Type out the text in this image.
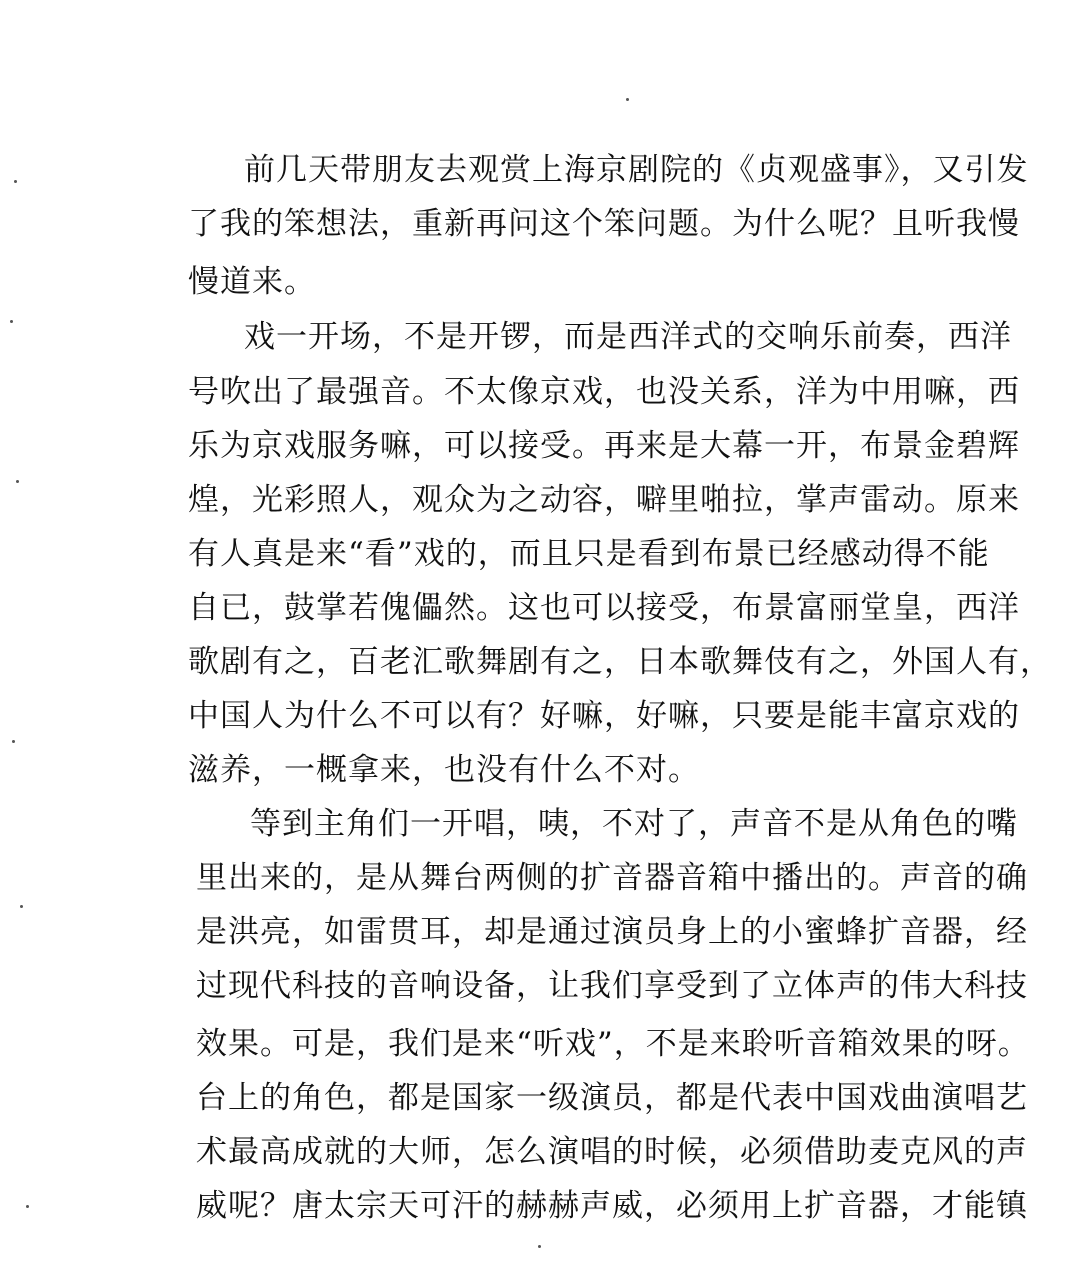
前几天带朋友去观赏上海京剧院的《贞观盛事》，又引发
了我的笨想法，重新再问这个笨问题。为什么呢？且听我慢
慢道来。
戏一开场，不是开锣，而是西洋式的交响乐前奏，西洋
号吹出了最强音。不太像京戏，也没关系，洋为中用嘛，西
乐为京戏服务嘛，可以接受。再来是大幕一开，布景金碧辉
煌，光彩照人，观众为之动容，噼里啪拉，掌声雷动。原来
有人真是来“看”戏的，而且只是看到布景已经感动得不能
自已，鼓掌若傀儡然。这也可以接受，布景富丽堂皇，西洋
歌剧有之，百老汇歌舞剧有之，日本歌舞伎有之，外国人有，
中国人为什么不可以有？好嘛，好嘛，只要是能丰富京戏的
滋养，一概拿来，也没有什么不对。
等到主角们一开唱，咦，不对了，声音不是从角色的嘴
里出来的，是从舞台两侧的扩音器音箱中播出的。声音的确
是洪亮，如雷贯耳，却是通过演员身上的小蜜蜂扩音器，经
过现代科技的音响设备，让我们享受到了立体声的伟大科技
效果。可是，我们是来“听戏”，不是来聆听音箱效果的呀。
台上的角色，都是国家一级演员，都是代表中国戏曲演唱艺
术最高成就的大师，怎么演唱的时候，必须借助麦克风的声
威呢？唐太宗天可汗的赫赫声威，必须用上扩音器，才能镇
